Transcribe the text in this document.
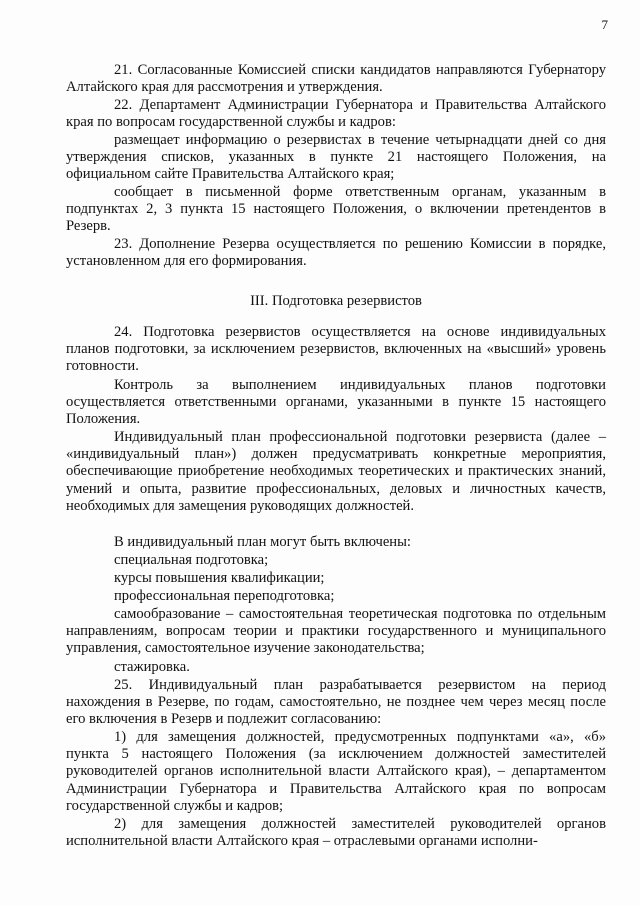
7

21. Согласованные Комиссией списки кандидатов направляются Губернатору Алтайского края для рассмотрения и утверждения.

22. Департамент Администрации Губернатора и Правительства Алтайского края по вопросам государственной службы и кадров:

размещает информацию о резервистах в течение четырнадцати дней со дня утверждения списков, указанных в пункте 21 настоящего Положения, на официальном сайте Правительства Алтайского края;

сообщает в письменной форме ответственным органам, указанным в подпунктах 2, 3 пункта 15 настоящего Положения, о включении претендентов в Резерв.

23. Дополнение Резерва осуществляется по решению Комиссии в порядке, установленном для его формирования.

III. Подготовка резервистов

24. Подготовка резервистов осуществляется на основе индивидуальных планов подготовки, за исключением резервистов, включенных на «высший» уровень готовности.

Контроль за выполнением индивидуальных планов подготовки осуществляется ответственными органами, указанными в пункте 15 настоящего Положения.

Индивидуальный план профессиональной подготовки резервиста (далее – «индивидуальный план») должен предусматривать конкретные мероприятия, обеспечивающие приобретение необходимых теоретических и практических знаний, умений и опыта, развитие профессиональных, деловых и личностных качеств, необходимых для замещения руководящих должностей.

В индивидуальный план могут быть включены:

специальная подготовка;

курсы повышения квалификации;

профессиональная переподготовка;

самообразование – самостоятельная теоретическая подготовка по отдельным направлениям, вопросам теории и практики государственного и муниципального управления, самостоятельное изучение законодательства;

стажировка.

25. Индивидуальный план разрабатывается резервистом на период нахождения в Резерве, по годам, самостоятельно, не позднее чем через месяц после его включения в Резерв и подлежит согласованию:

1) для замещения должностей, предусмотренных подпунктами «а», «б» пункта 5 настоящего Положения (за исключением должностей заместителей руководителей органов исполнительной власти Алтайского края), – департаментом Администрации Губернатора и Правительства Алтайского края по вопросам государственной службы и кадров;

2) для замещения должностей заместителей руководителей органов исполнительной власти Алтайского края – отраслевыми органами исполни-
